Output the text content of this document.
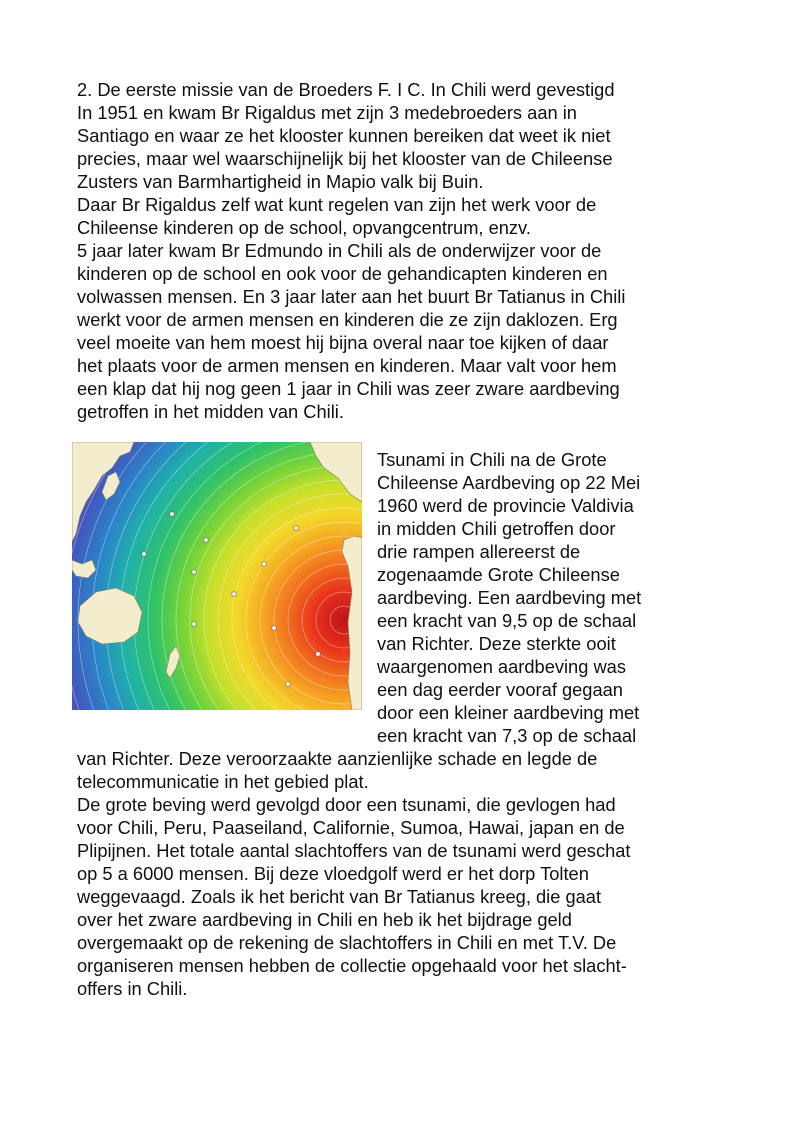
2. De eerste missie van de Broeders F. I C. In Chili werd gevestigd
In 1951 en kwam Br Rigaldus met zijn 3 medebroeders aan in
Santiago en waar ze het klooster kunnen bereiken dat weet ik niet
precies, maar wel waarschijnelijk bij het klooster van de Chileense
Zusters van Barmhartigheid in Mapio valk bij Buin.
Daar Br Rigaldus zelf wat kunt regelen van zijn het werk voor de
Chileense kinderen op de school, opvangcentrum, enzv.
5 jaar later kwam Br Edmundo in Chili als de onderwijzer voor de
kinderen op de school en ook voor de gehandicapten kinderen en
volwassen mensen. En 3 jaar later aan het buurt Br Tatianus in Chili
werkt voor de armen mensen en kinderen die ze zijn daklozen. Erg
veel moeite van hem moest hij bijna overal naar toe kijken of daar
het plaats voor de armen mensen en kinderen. Maar valt voor hem
een klap dat hij nog geen 1 jaar in Chili was zeer zware aardbeving
getroffen in het midden van Chili.
Tsunami in Chili na de Grote
Chileense Aardbeving op 22 Mei
1960 werd de provincie Valdivia
in midden Chili getroffen door
drie rampen allereerst de
zogenaamde Grote Chileense
aardbeving. Een aardbeving met
een kracht van 9,5 op de schaal
van Richter. Deze sterkte ooit
waargenomen aardbeving was
een dag eerder vooraf gegaan
door een kleiner aardbeving met
een kracht van 7,3 op de schaal
van Richter. Deze veroorzaakte aanzienlijke schade en legde de
telecommunicatie in het gebied plat.
De grote beving werd gevolgd door een tsunami, die gevlogen had
voor Chili, Peru, Paaseiland, Californie, Sumoa, Hawai, japan en de
Plipijnen. Het totale aantal slachtoffers van de tsunami werd geschat
op 5 a 6000 mensen. Bij deze vloedgolf werd er het dorp Tolten
weggevaagd. Zoals ik het bericht van Br Tatianus kreeg, die gaat
over het zware aardbeving in Chili en heb ik het bijdrage geld
overgemaakt op de rekening de slachtoffers in Chili en met T.V. De
organiseren mensen hebben de collectie opgehaald voor het slacht-
offers in Chili.
